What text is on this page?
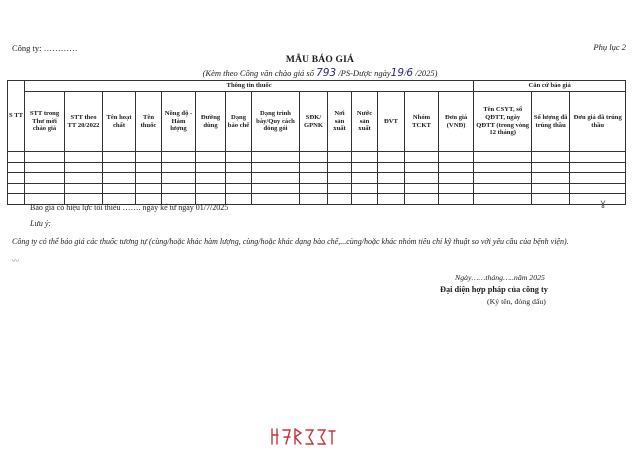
Công ty: …………	Phụ lục 2
MẪU BÁO GIÁ
(Kèm theo Công văn chào giá số 793 /PS-Dược ngày19/6 /2025)
S TT	Thông tin thuốc														Căn cứ báo giá		
	STT trong Thư mời chào giá	STT theo TT 20/2022	Tên hoạt chất	Tên thuốc	Nồng độ - Hàm lượng	Đường dùng	Dạng bào chế	Dạng trình bày/Quy cách đóng gói	SĐK/ GPNK	Nơi sản xuất	Nước sản xuất	ĐVT	Nhóm TCKT	Đơn giá (VNĐ)	Tên CSYT, số QĐTT, ngày QĐTT (trong vòng 12 tháng)	Số lượng đã trúng thầu	Đơn giá đã trúng thầu

Báo giá có hiệu lực tối thiểu ……. ngày kể từ ngày 01/7/2025
Lưu ý:
Công ty có thể báo giá các thuốc tương tự (cùng/hoặc khác hàm lượng, cùng/hoặc khác dạng bào chế,...cùng/hoặc khác nhóm tiêu chí kỹ thuật so với yêu cầu của bệnh viện).
Ngày……tháng…..năm 2025
Đại diện hợp pháp của công ty
(Ký tên, đóng dấu)
ɣ
〰
